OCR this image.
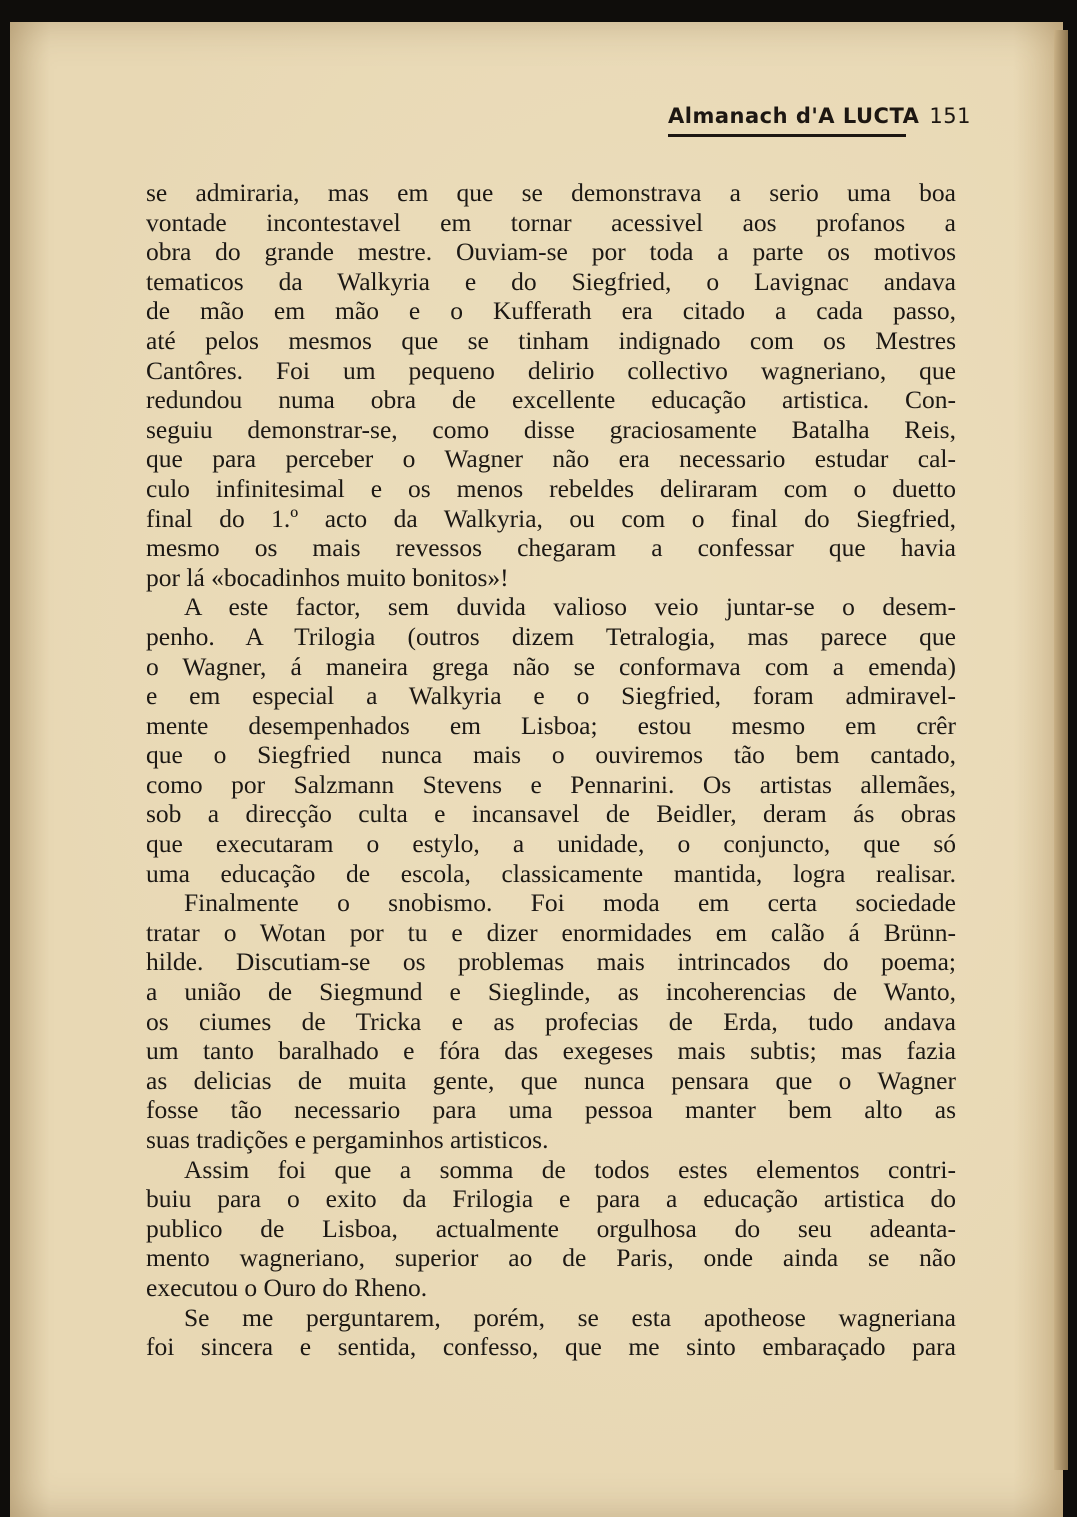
Almanach d'A LUCTA 151
se admiraria, mas em que se demonstrava a serio uma boa
vontade incontestavel em tornar acessivel aos profanos a
obra do grande mestre. Ouviam-se por toda a parte os motivos
tematicos da Walkyria e do Siegfried, o Lavignac andava
de mão em mão e o Kufferath era citado a cada passo,
até pelos mesmos que se tinham indignado com os Mestres
Cantôres. Foi um pequeno delirio collectivo wagneriano, que
redundou numa obra de excellente educação artistica. Con-
seguiu demonstrar-se, como disse graciosamente Batalha Reis,
que para perceber o Wagner não era necessario estudar cal-
culo infinitesimal e os menos rebeldes deliraram com o duetto
final do 1.º acto da Walkyria, ou com o final do Siegfried,
mesmo os mais revessos chegaram a confessar que havia
por lá «bocadinhos muito bonitos»!
A este factor, sem duvida valioso veio juntar-se o desem-
penho. A Trilogia (outros dizem Tetralogia, mas parece que
o Wagner, á maneira grega não se conformava com a emenda)
e em especial a Walkyria e o Siegfried, foram admiravel-
mente desempenhados em Lisboa; estou mesmo em crêr
que o Siegfried nunca mais o ouviremos tão bem cantado,
como por Salzmann Stevens e Pennarini. Os artistas allemães,
sob a direcção culta e incansavel de Beidler, deram ás obras
que executaram o estylo, a unidade, o conjuncto, que só
uma educação de escola, classicamente mantida, logra realisar.
Finalmente o snobismo. Foi moda em certa sociedade
tratar o Wotan por tu e dizer enormidades em calão á Brünn-
hilde. Discutiam-se os problemas mais intrincados do poema;
a união de Siegmund e Sieglinde, as incoherencias de Wanto,
os ciumes de Tricka e as profecias de Erda, tudo andava
um tanto baralhado e fóra das exegeses mais subtis; mas fazia
as delicias de muita gente, que nunca pensara que o Wagner
fosse tão necessario para uma pessoa manter bem alto as
suas tradições e pergaminhos artisticos.
Assim foi que a somma de todos estes elementos contri-
buiu para o exito da Frilogia e para a educação artistica do
publico de Lisboa, actualmente orgulhosa do seu adeanta-
mento wagneriano, superior ao de Paris, onde ainda se não
executou o Ouro do Rheno.
Se me perguntarem, porém, se esta apotheose wagneriana
foi sincera e sentida, confesso, que me sinto embaraçado para
